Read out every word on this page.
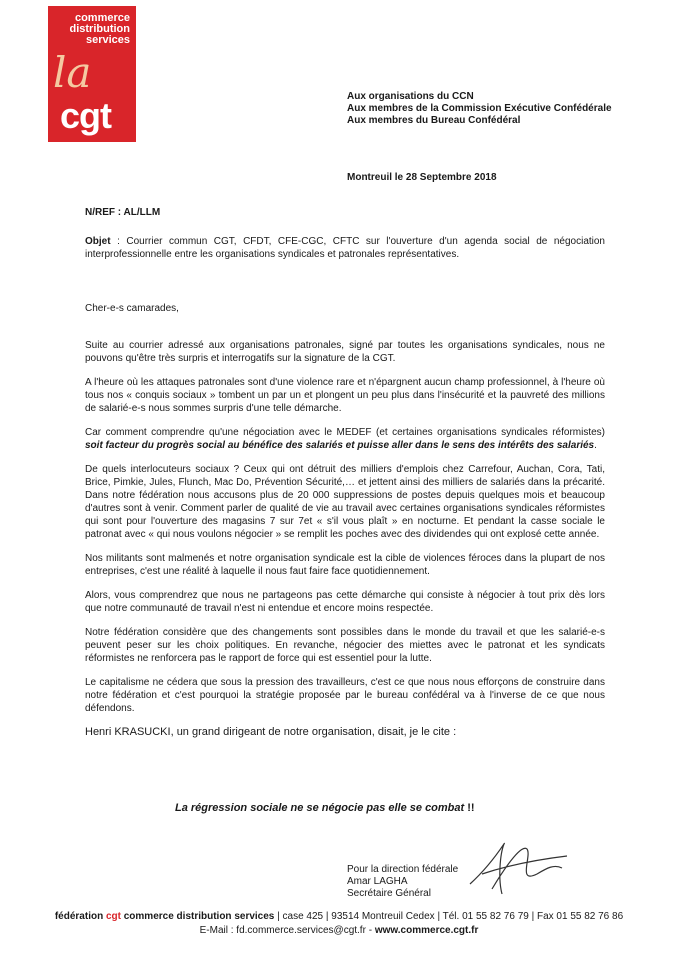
commerce
distribution
services
la
cgt	Aux organisations du CCN
Aux membres de la Commission Exécutive Confédérale
Aux membres du Bureau Confédéral
Montreuil le 28 Septembre 2018
N/REF : AL/LLM
Objet : Courrier commun CGT, CFDT, CFE-CGC, CFTC sur l'ouverture d'un agenda social de négociation interprofessionnelle entre les organisations syndicales et patronales représentatives.

Cher-e-s camarades,

Suite au courrier adressé aux organisations patronales, signé par toutes les organisations syndicales, nous ne pouvons qu'être très surpris et interrogatifs sur la signature de la CGT.

A l'heure où les attaques patronales sont d'une violence rare et n'épargnent aucun champ professionnel, à l'heure où tous nos « conquis sociaux » tombent un par un et plongent un peu plus dans l'insécurité et la pauvreté des millions de salarié-e-s nous sommes surpris d'une telle démarche.

Car comment comprendre qu'une négociation avec le MEDEF (et certaines organisations syndicales réformistes) soit facteur du progrès social au bénéfice des salariés et puisse aller dans le sens des intérêts des salariés.

De quels interlocuteurs sociaux ? Ceux qui ont détruit des milliers d'emplois chez Carrefour, Auchan, Cora, Tati, Brice, Pimkie, Jules, Flunch, Mac Do, Prévention Sécurité,… et jettent ainsi des milliers de salariés dans la précarité. Dans notre fédération nous accusons plus de 20 000 suppressions de postes depuis quelques mois et beaucoup d'autres sont à venir. Comment parler de qualité de vie au travail avec certaines organisations syndicales réformistes qui sont pour l'ouverture des magasins 7 sur 7et « s'il vous plaît » en nocturne. Et pendant la casse sociale le patronat avec « qui nous voulons négocier » se remplit les poches avec des dividendes qui ont explosé cette année.

Nos militants sont malmenés et notre organisation syndicale est la cible de violences féroces dans la plupart de nos entreprises, c'est une réalité à laquelle il nous faut faire face quotidiennement.

Alors, vous comprendrez que nous ne partageons pas cette démarche qui consiste à négocier à tout prix dès lors que notre communauté de travail n'est ni entendue et encore moins respectée.

Notre fédération considère que des changements sont possibles dans le monde du travail et que les salarié-e-s peuvent peser sur les choix politiques. En revanche, négocier des miettes avec le patronat et les syndicats réformistes ne renforcera pas le rapport de force qui est essentiel pour la lutte.

Le capitalisme ne cédera que sous la pression des travailleurs, c'est ce que nous nous efforçons de construire dans notre fédération et c'est pourquoi la stratégie proposée par le bureau confédéral va à l'inverse de ce que nous défendons.

Henri KRASUCKI, un grand dirigeant de notre organisation, disait, je le cite :

La régression sociale ne se négocie pas elle se combat !!
Pour la direction fédérale
Amar LAGHA
Secrétaire Général
fédération cgt commerce distribution services | case 425 | 93514 Montreuil Cedex | Tél. 01 55 82 76 79 | Fax 01 55 82 76 86
E-Mail : fd.commerce.services@cgt.fr - www.commerce.cgt.fr
